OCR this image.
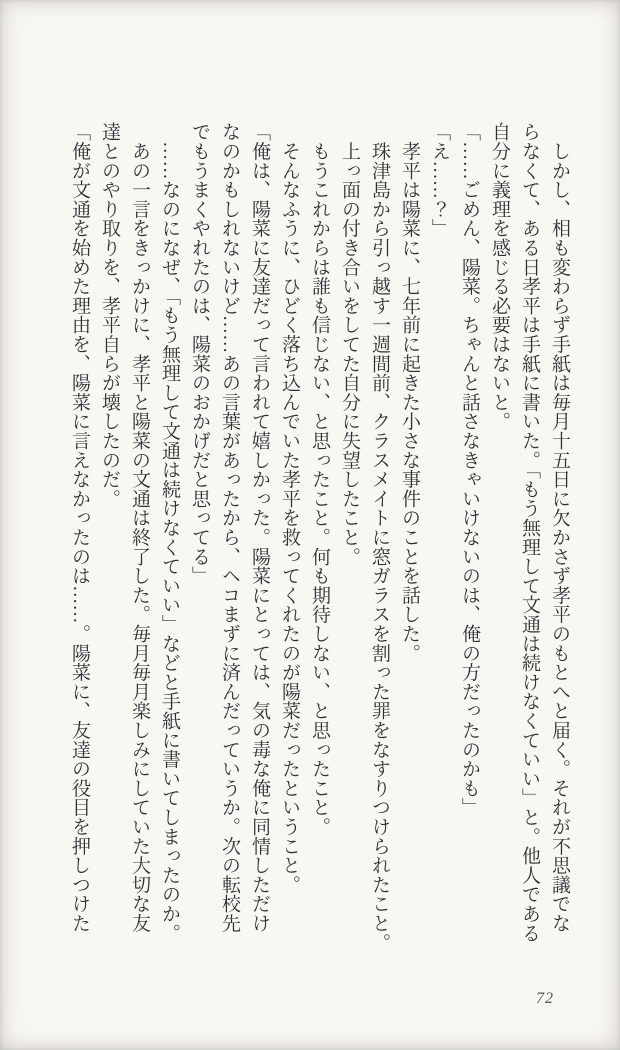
　しかし、相も変わらず手紙は毎月十五日に欠かさず孝平のもとへと届く。それが不思議でな

らなくて、ある日孝平は手紙に書いた。「もう無理して文通は続けなくていい」と。他人である

自分に義理を感じる必要はないと。

「……ごめん、陽菜。ちゃんと話さなきゃいけないのは、俺の方だったのかも」

「え……？」

　孝平は陽菜に、七年前に起きた小さな事件のことを話した。

　珠津島から引っ越す一週間前、クラスメイトに窓ガラスを割った罪をなすりつけられたこと。

　上っ面の付き合いをしてた自分に失望したこと。

　もうこれからは誰も信じない、と思ったこと。何も期待しない、と思ったこと。

　そんなふうに、ひどく落ち込んでいた孝平を救ってくれたのが陽菜だったということ。

「俺は、陽菜に友達だって言われて嬉しかった。陽菜にとっては、気の毒な俺に同情しただけ

なのかもしれないけど……あの言葉があったから、ヘコまずに済んだっていうか。次の転校先

でもうまくやれたのは、陽菜のおかげだと思ってる」

　……なのになぜ、「もう無理して文通は続けなくていい」などと手紙に書いてしまったのか。

　あの一言をきっかけに、孝平と陽菜の文通は終了した。毎月毎月楽しみにしていた大切な友

達とのやり取りを、孝平自らが壊したのだ。

「俺が文通を始めた理由を、陽菜に言えなかったのは……。陽菜に、友達の役目を押しつけた

72
